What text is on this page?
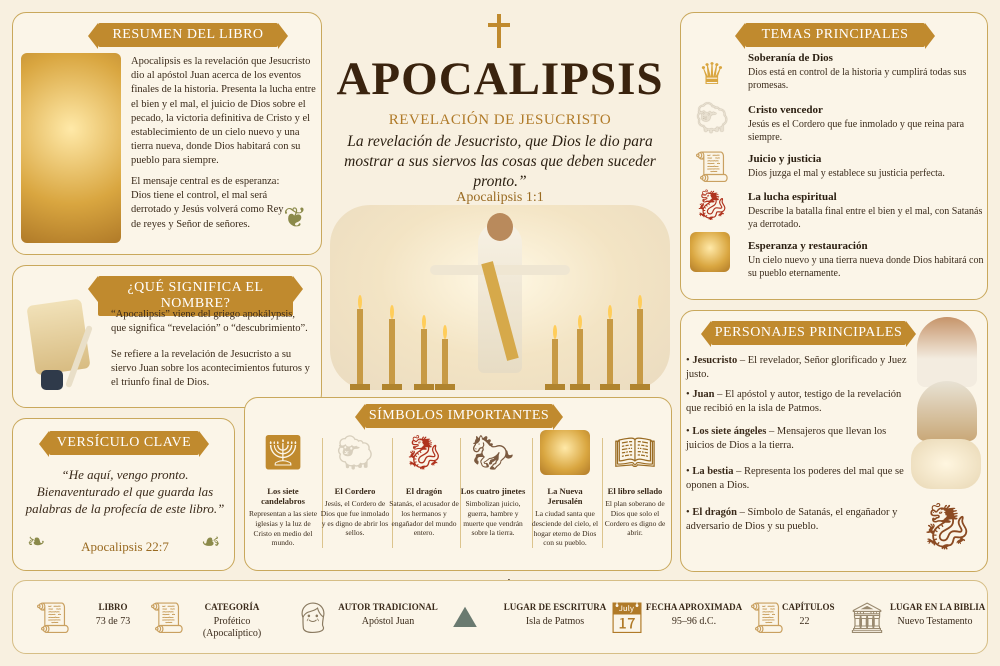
APOCALIPSIS
REVELACIÓN DE JESUCRISTO
La revelación de Jesucristo, que Dios le dio para mostrar a sus siervos las cosas que deben suceder pronto.”
Apocalipsis 1:1
RESUMEN DEL LIBRO
Apocalipsis es la revelación que Jesucristo dio al apóstol Juan acerca de los eventos finales de la historia. Presenta la lucha entre el bien y el mal, el juicio de Dios sobre el pecado, la victoria definitiva de Cristo y el establecimiento de un cielo nuevo y una tierra nueva, donde Dios habitará con su pueblo para siempre.
El mensaje central es de esperanza: Dios tiene el control, el mal será derrotado y Jesús volverá como Rey de reyes y Señor de señores.	❦
¿QUÉ SIGNIFICA EL NOMBRE?
“Apocalipsis” viene del griego apokálypsis, que significa “revelación” o “descubrimiento”.
Se refiere a la revelación de Jesucristo a su siervo Juan sobre los acontecimientos futuros y el triunfo final de Dios.
VERSÍCULO CLAVE
“He aquí, vengo pronto. Bienaventurado el que guarda las palabras de la profecía de este libro.”
Apocalipsis 22:7
❧	☙
TEMAS PRINCIPALES
♛	Soberanía de Dios
Dios está en control de la historia y cumplirá todas sus promesas.
🐑︎ Cristo vencedor
Jesús es el Cordero que fue inmolado y que reina para siempre.
📜︎ Juicio y justicia
Dios juzga el mal y establece su justicia perfecta.
🐉︎ La lucha espiritual
Describe la batalla final entre el bien y el mal, con Satanás ya derrotado.
Esperanza y restauración
Un cielo nuevo y una tierra nueva donde Dios habitará con su pueblo eternamente.
PERSONAJES PRINCIPALES
🐉︎
• Jesucristo – El revelador, Señor glorificado y Juez justo.
• Juan – El apóstol y autor, testigo de la revelación que recibió en la isla de Patmos.
• Los siete ángeles – Mensajeros que llevan los juicios de Dios a la tierra.
• La bestia – Representa los poderes del mal que se oponen a Dios.
• El dragón – Símbolo de Satanás, el engañador y adversario de Dios y su pueblo.
SÍMBOLOS IMPORTANTES
🕎︎
Los siete candelabros
Representan a las siete iglesias y la luz de Cristo en medio del mundo.
🐑︎
El Cordero
Jesús, el Cordero de Dios que fue inmolado y es digno de abrir los sellos.
🐉︎
El dragón
Satanás, el acusador de los hermanos y engañador del mundo entero.
🐎︎
Los cuatro jinetes
Simbolizan juicio, guerra, hambre y muerte que vendrán sobre la tierra.
La Nueva Jerusalén
La ciudad santa que desciende del cielo, el hogar eterno de Dios con su pueblo.
📖︎
El libro sellado
El plan soberano de Dios que solo el Cordero es digno de abrir.
📜︎	LIBRO
73 de 73 📜︎	CATEGORÍA
Profético (Apocalíptico)	👴︎ AUTOR TRADICIONAL
Apóstol Juan	⛰︎	LUGAR DE ESCRITURA
Isla de Patmos 📅︎ FECHA APROXIMADA
95–96 d.C.	📜︎
CAPÍTULOS
22	🏛︎ LUGAR EN LA BIBLIA
Nuevo Testamento
